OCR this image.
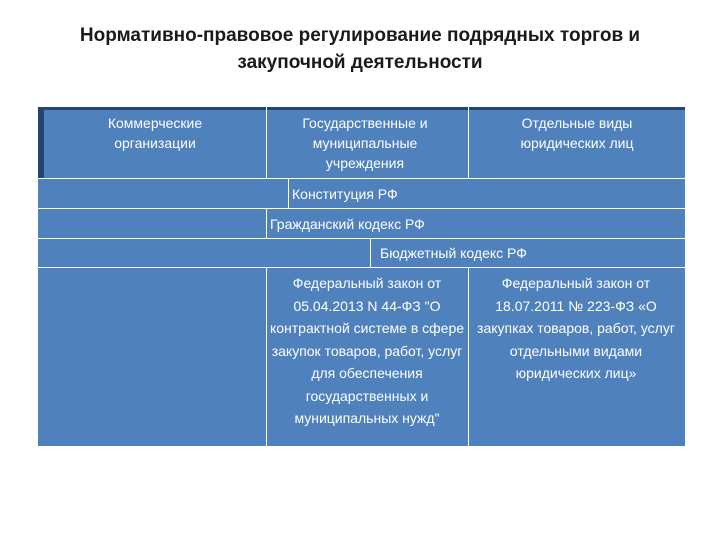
Нормативно-правовое регулирование подрядных торгов и
закупочной деятельности
Коммерческие организации
Государственные и муниципальные учреждения
Отдельные виды юридических лиц
Конституция РФ
Гражданский кодекс РФ
Бюджетный кодекс РФ
Федеральный закон от 05.04.2013 N 44-ФЗ "О контрактной системе в сфере закупок товаров, работ, услуг для обеспечения государственных и муниципальных нужд"
Федеральный закон от 18.07.2011 № 223-ФЗ «О закупках товаров, работ, услуг отдельными видами юридических лиц»
